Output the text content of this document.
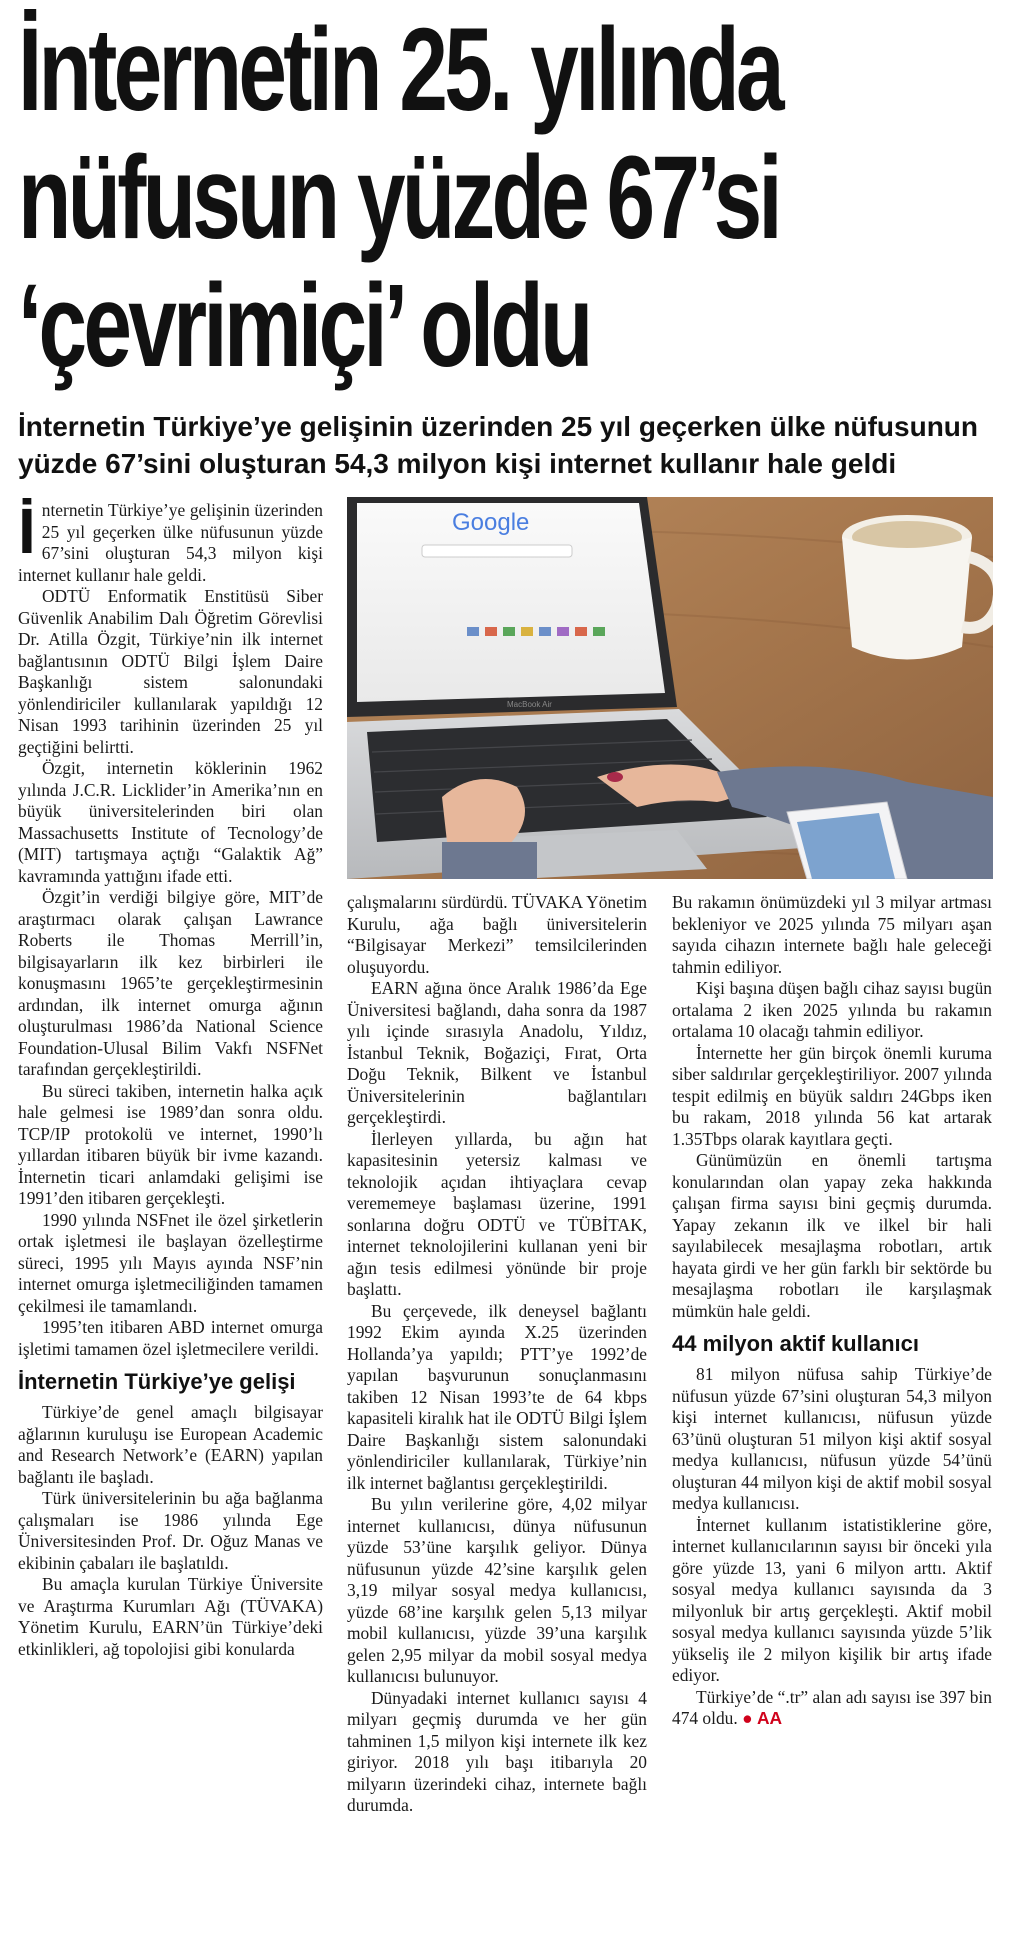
İnternetin 25. yılında
nüfusun yüzde 67’si
‘çevrimiçi’ oldu
İnternetin Türkiye’ye gelişinin üzerinden 25 yıl geçerken ülke nüfusunun yüzde 67’sini oluşturan 54,3 milyon kişi internet kullanır hale geldi
Google
MacBook Air

İnternetin Türkiye’ye gelişinin üzerinden 25 yıl geçerken ülke nüfusunun yüzde 67’sini oluşturan 54,3 milyon kişi internet kullanır hale geldi.

ODTÜ Enformatik Enstitüsü Siber Güvenlik Anabilim Dalı Öğretim Görevlisi Dr. Atilla Özgit, Türkiye’nin ilk internet bağlantısının ODTÜ Bilgi İşlem Daire Başkanlığı sistem salonundaki yönlendiriciler kullanılarak yapıldığı 12 Nisan 1993 tarihinin üzerinden 25 yıl geçtiğini belirtti.

Özgit, internetin köklerinin 1962 yılında J.C.R. Licklider’in Amerika’nın en büyük üniversitelerinden biri olan Massachusetts Institute of Tecnology’de (MIT) tartışmaya açtığı “Galaktik Ağ” kavramında yattığını ifade etti.

Özgit’in verdiği bilgiye göre, MIT’de araştırmacı olarak çalışan Lawrance Roberts ile Thomas Merrill’in, bilgisayarların ilk kez birbirleri ile konuşmasını 1965’te gerçekleştirmesinin ardından, ilk internet omurga ağının oluşturulması 1986’da National Science Foundation-Ulusal Bilim Vakfı NSFNet tarafından gerçekleştirildi.

Bu süreci takiben, internetin halka açık hale gelmesi ise 1989’dan sonra oldu. TCP/IP protokolü ve internet, 1990’lı yıllardan itibaren büyük bir ivme kazandı. İnternetin ticari anlamdaki gelişimi ise 1991’den itibaren gerçekleşti.

1990 yılında NSFnet ile özel şirketlerin ortak işletmesi ile başlayan özelleştirme süreci, 1995 yılı Mayıs ayında NSF’nin internet omurga işletmeciliğinden tamamen çekilmesi ile tamamlandı.

1995’ten itibaren ABD internet omurga işletimi tamamen özel işletmecilere verildi.

İnternetin Türkiye’ye gelişi

Türkiye’de genel amaçlı bilgisayar ağlarının kuruluşu ise European Academic and Research Network’e (EARN) yapılan bağlantı ile başladı.

Türk üniversitelerinin bu ağa bağlanma çalışmaları ise 1986 yılında Ege Üniversitesinden Prof. Dr. Oğuz Manas ve ekibinin çabaları ile başlatıldı.

Bu amaçla kurulan Türkiye Üniversite ve Araştırma Kurumları Ağı (TÜVAKA) Yönetim Kurulu, EARN’ün Türkiye’deki etkinlikleri, ağ topolojisi gibi konularda

çalışmalarını sürdürdü. TÜVAKA Yönetim Kurulu, ağa bağlı üniversitelerin “Bilgisayar Merkezi” temsilcilerinden oluşuyordu.

EARN ağına önce Aralık 1986’da Ege Üniversitesi bağlandı, daha sonra da 1987 yılı içinde sırasıyla Anadolu, Yıldız, İstanbul Teknik, Boğaziçi, Fırat, Orta Doğu Teknik, Bilkent ve İstanbul Üniversitelerinin bağlantıları gerçekleştirdi.

İlerleyen yıllarda, bu ağın hat kapasitesinin yetersiz kalması ve teknolojik açıdan ihtiyaçlara cevap verememeye başlaması üzerine, 1991 sonlarına doğru ODTÜ ve TÜBİTAK, internet teknolojilerini kullanan yeni bir ağın tesis edilmesi yönünde bir proje başlattı.

Bu çerçevede, ilk deneysel bağlantı 1992 Ekim ayında X.25 üzerinden Hollanda’ya yapıldı; PTT’ye 1992’de yapılan başvurunun sonuçlanmasını takiben 12 Nisan 1993’te de 64 kbps kapasiteli kiralık hat ile ODTÜ Bilgi İşlem Daire Başkanlığı sistem salonundaki yönlendiriciler kullanılarak, Türkiye’nin ilk internet bağlantısı gerçekleştirildi.

Bu yılın verilerine göre, 4,02 milyar internet kullanıcısı, dünya nüfusunun yüzde 53’üne karşılık geliyor. Dünya nüfusunun yüzde 42’sine karşılık gelen 3,19 milyar sosyal medya kullanıcısı, yüzde 68’ine karşılık gelen 5,13 milyar mobil kullanıcısı, yüzde 39’una karşılık gelen 2,95 milyar da mobil sosyal medya kullanıcısı bulunuyor.

Dünyadaki internet kullanıcı sayısı 4 milyarı geçmiş durumda ve her gün tahminen 1,5 milyon kişi internete ilk kez giriyor. 2018 yılı başı itibarıyla 20 milyarın üzerindeki cihaz, internete bağlı durumda.

Bu rakamın önümüzdeki yıl 3 milyar artması bekleniyor ve 2025 yılında 75 milyarı aşan sayıda cihazın internete bağlı hale geleceği tahmin ediliyor.

Kişi başına düşen bağlı cihaz sayısı bugün ortalama 2 iken 2025 yılında bu rakamın ortalama 10 olacağı tahmin ediliyor.

İnternette her gün birçok önemli kuruma siber saldırılar gerçekleştiriliyor. 2007 yılında tespit edilmiş en büyük saldırı 24Gbps iken bu rakam, 2018 yılında 56 kat artarak 1.35Tbps olarak kayıtlara geçti.

Günümüzün en önemli tartışma konularından olan yapay zeka hakkında çalışan firma sayısı bini geçmiş durumda. Yapay zekanın ilk ve ilkel bir hali sayılabilecek mesajlaşma robotları, artık hayata girdi ve her gün farklı bir sektörde bu mesajlaşma robotları ile karşılaşmak mümkün hale geldi.

44 milyon aktif kullanıcı

81 milyon nüfusa sahip Türkiye’de nüfusun yüzde 67’sini oluşturan 54,3 milyon kişi internet kullanıcısı, nüfusun yüzde 63’ünü oluşturan 51 milyon kişi aktif sosyal medya kullanıcısı, nüfusun yüzde 54’ünü oluşturan 44 milyon kişi de aktif mobil sosyal medya kullanıcısı.

İnternet kullanım istatistiklerine göre, internet kullanıcılarının sayısı bir önceki yıla göre yüzde 13, yani 6 milyon arttı. Aktif sosyal medya kullanıcı sayısında da 3 milyonluk bir artış gerçekleşti. Aktif mobil sosyal medya kullanıcı sayısında yüzde 5’lik yükseliş ile 2 milyon kişilik bir artış ifade ediyor.

Türkiye’de “.tr” alan adı sayısı ise 397 bin 474 oldu. ● AA
